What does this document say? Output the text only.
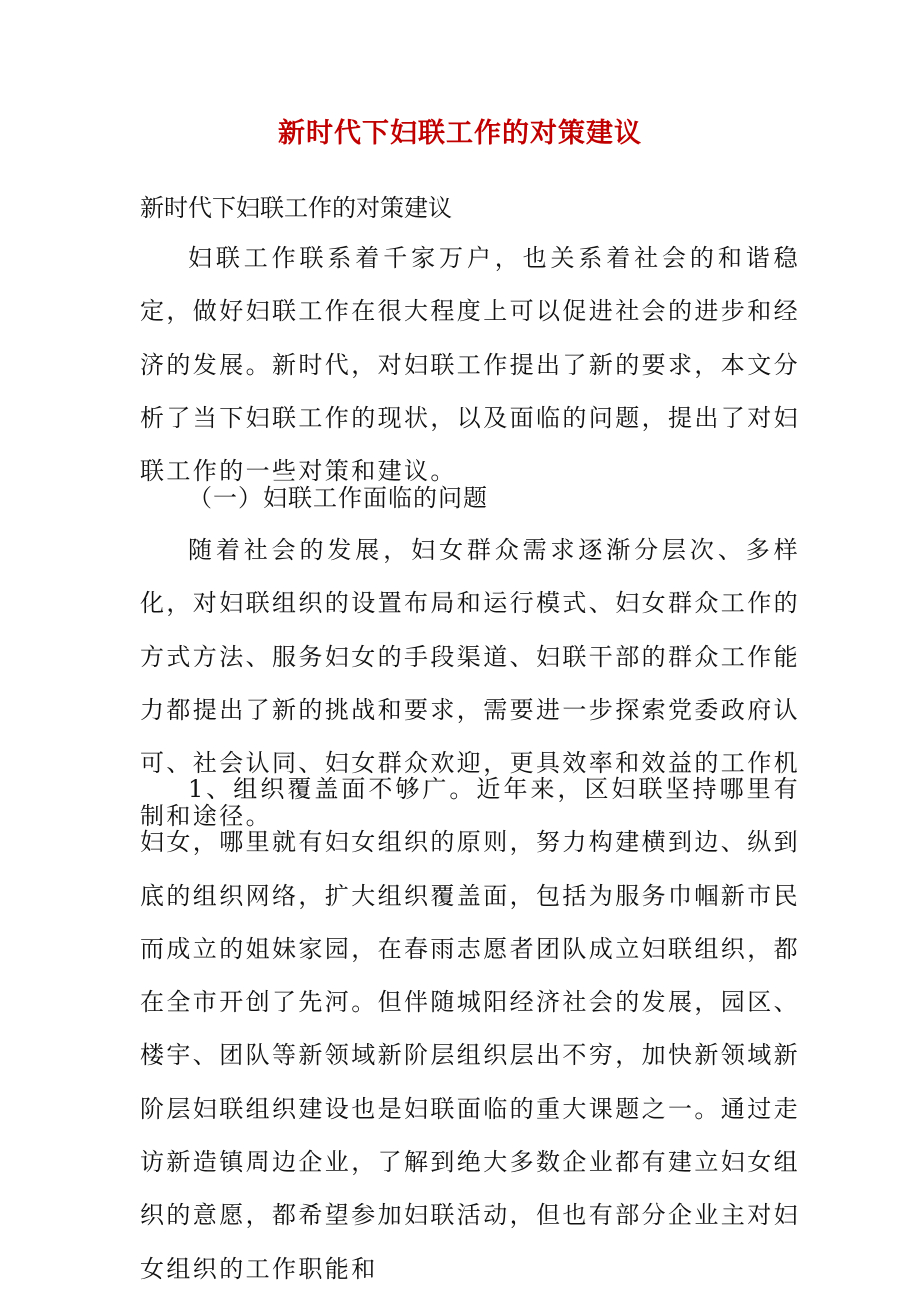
新时代下妇联工作的对策建议
新时代下妇联工作的对策建议

妇联工作联系着千家万户，也关系着社会的和谐稳定，做好妇联工作在很大程度上可以促进社会的进步和经济的发展。新时代，对妇联工作提出了新的要求，本文分析了当下妇联工作的现状，以及面临的问题，提出了对妇联工作的一些对策和建议。

（一）妇联工作面临的问题

随着社会的发展，妇女群众需求逐渐分层次、多样化，对妇联组织的设置布局和运行模式、妇女群众工作的方式方法、服务妇女的手段渠道、妇联干部的群众工作能力都提出了新的挑战和要求，需要进一步探索党委政府认可、社会认同、妇女群众欢迎，更具效率和效益的工作机制和途径。

1、组织覆盖面不够广。近年来，区妇联坚持哪里有妇女，哪里就有妇女组织的原则，努力构建横到边、纵到底的组织网络，扩大组织覆盖面，包括为服务巾帼新市民而成立的姐妹家园，在春雨志愿者团队成立妇联组织，都在全市开创了先河。但伴随城阳经济社会的发展，园区、楼宇、团队等新领域新阶层组织层出不穷，加快新领域新阶层妇联组织建设也是妇联面临的重大课题之一。通过走访新造镇周边企业，了解到绝大多数企业都有建立妇女组织的意愿，都希望参加妇联活动，但也有部分企业主对妇女组织的工作职能和
